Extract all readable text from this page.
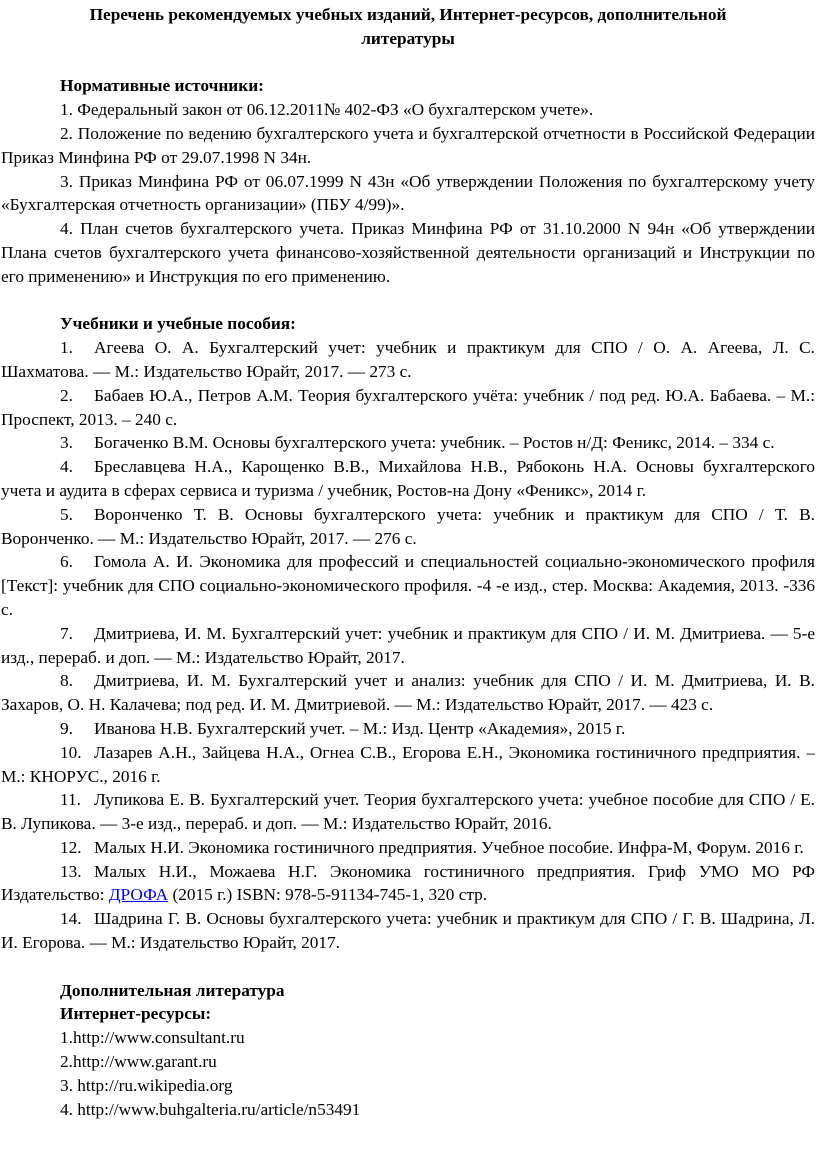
Перечень рекомендуемых учебных изданий, Интернет-ресурсов, дополнительной литературы

Нормативные источники:

1. Федеральный закон от 06.12.2011№ 402-ФЗ «О бухгалтерском учете».

2. Положение по ведению бухгалтерского учета и бухгалтерской отчетности в Российской Федерации Приказ Минфина РФ от 29.07.1998 N 34н.

3. Приказ Минфина РФ от 06.07.1999 N 43н «Об утверждении Положения по бухгалтерскому учету «Бухгалтерская отчетность организации» (ПБУ 4/99)».

4. План счетов бухгалтерского учета. Приказ Минфина РФ от 31.10.2000 N 94н «Об утверждении Плана счетов бухгалтерского учета финансово-хозяйственной деятельности организаций и Инструкции по его применению» и Инструкция по его применению.

Учебники и учебные пособия:

1. Агеева О. А. Бухгалтерский учет: учебник и практикум для СПО / О. А. Агеева, Л. С. Шахматова. — М.: Издательство Юрайт, 2017. — 273 с.

2. Бабаев Ю.А., Петров А.М. Теория бухгалтерского учёта: учебник / под ред. Ю.А. Бабаева. – М.: Проспект, 2013. – 240 с.

3. Богаченко В.М. Основы бухгалтерского учета: учебник. – Ростов н/Д: Феникс, 2014. – 334 с.

4. Бреславцева Н.А., Карощенко В.В., Михайлова Н.В., Рябоконь Н.А. Основы бухгалтерского учета и аудита в сферах сервиса и туризма / учебник, Ростов-на Дону «Феникс», 2014 г.

5. Воронченко Т. В. Основы бухгалтерского учета: учебник и практикум для СПО / Т. В. Воронченко. — М.: Издательство Юрайт, 2017. — 276 с.

6. Гомола А. И. Экономика для профессий и специальностей социально-экономического профиля [Текст]: учебник для СПО социально-экономического профиля. -4 -е изд., стер. Москва: Академия, 2013. -336 с.

7. Дмитриева, И. М. Бухгалтерский учет: учебник и практикум для СПО / И. М. Дмитриева. — 5-е изд., перераб. и доп. — М.: Издательство Юрайт, 2017.

8. Дмитриева, И. М. Бухгалтерский учет и анализ: учебник для СПО / И. М. Дмитриева, И. В. Захаров, О. Н. Калачева; под ред. И. М. Дмитриевой. — М.: Издательство Юрайт, 2017. — 423 с.

9. Иванова Н.В. Бухгалтерский учет. – М.: Изд. Центр «Академия», 2015 г.

10. Лазарев А.Н., Зайцева Н.А., Огнеа С.В., Егорова Е.Н., Экономика гостиничного предприятия. – М.: КНОРУС., 2016 г.

11. Лупикова Е. В. Бухгалтерский учет. Теория бухгалтерского учета: учебное пособие для СПО / Е. В. Лупикова. — 3-е изд., перераб. и доп. — М.: Издательство Юрайт, 2016.

12. Малых Н.И. Экономика гостиничного предприятия. Учебное пособие. Инфра-М, Форум. 2016 г.

13. Малых Н.И., Можаева Н.Г. Экономика гостиничного предприятия. Гриф УМО МО РФ Издательство: ДРОФА (2015 г.) ISBN: 978-5-91134-745-1, 320 стр.

14. Шадрина Г. В. Основы бухгалтерского учета: учебник и практикум для СПО / Г. В. Шадрина, Л. И. Егорова. — М.: Издательство Юрайт, 2017.

Дополнительная литература

Интернет-ресурсы:

1.http://www.consultant.ru

2.http://www.garant.ru

3. http://ru.wikipedia.org

4. http://www.buhgalteria.ru/article/n53491
